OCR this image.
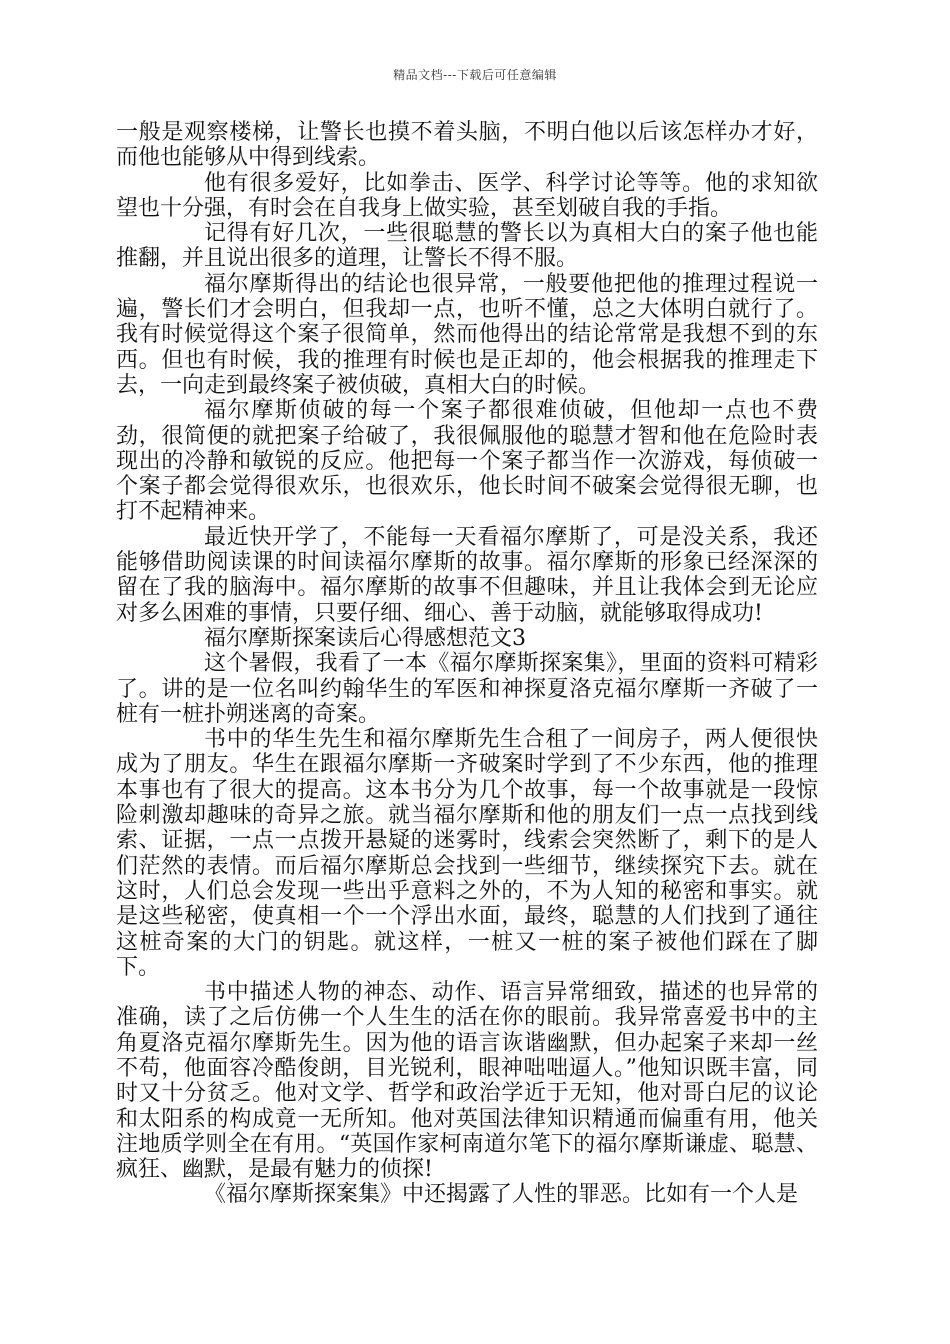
精品文档---下载后可任意编辑

一般是观察楼梯，让警长也摸不着头脑，不明白他以后该怎样办才好，而他也能够从中得到线索。

他有很多爱好，比如拳击、医学、科学讨论等等。他的求知欲望也十分强，有时会在自我身上做实验，甚至划破自我的手指。

记得有好几次，一些很聪慧的警长以为真相大白的案子他也能推翻，并且说出很多的道理，让警长不得不服。

福尔摩斯得出的结论也很异常，一般要他把他的推理过程说一遍，警长们才会明白，但我却一点，也听不懂，总之大体明白就行了。我有时候觉得这个案子很简单，然而他得出的结论常常是我想不到的东西。但也有时候，我的推理有时候也是正却的，他会根据我的推理走下去，一向走到最终案子被侦破，真相大白的时候。

福尔摩斯侦破的每一个案子都很难侦破，但他却一点也不费劲，很简便的就把案子给破了，我很佩服他的聪慧才智和他在危险时表现出的冷静和敏锐的反应。他把每一个案子都当作一次游戏，每侦破一个案子都会觉得很欢乐，也很欢乐，他长时间不破案会觉得很无聊，也打不起精神来。

最近快开学了，不能每一天看福尔摩斯了，可是没关系，我还能够借助阅读课的时间读福尔摩斯的故事。福尔摩斯的形象已经深深的留在了我的脑海中。福尔摩斯的故事不但趣味，并且让我体会到无论应对多么困难的事情，只要仔细、细心、善于动脑，就能够取得成功!

福尔摩斯探案读后心得感想范文3

这个暑假，我看了一本《福尔摩斯探案集》，里面的资料可精彩了。讲的是一位名叫约翰华生的军医和神探夏洛克福尔摩斯一齐破了一桩有一桩扑朔迷离的奇案。

书中的华生先生和福尔摩斯先生合租了一间房子，两人便很快成为了朋友。华生在跟福尔摩斯一齐破案时学到了不少东西，他的推理本事也有了很大的提高。这本书分为几个故事，每一个故事就是一段惊险刺激却趣味的奇异之旅。就当福尔摩斯和他的朋友们一点一点找到线索、证据，一点一点拨开悬疑的迷雾时，线索会突然断了，剩下的是人们茫然的表情。而后福尔摩斯总会找到一些细节，继续探究下去。就在这时，人们总会发现一些出乎意料之外的，不为人知的秘密和事实。就是这些秘密，使真相一个一个浮出水面，最终，聪慧的人们找到了通往这桩奇案的大门的钥匙。就这样，一桩又一桩的案子被他们踩在了脚下。

书中描述人物的神态、动作、语言异常细致，描述的也异常的准确，读了之后仿佛一个人生生的活在你的眼前。我异常喜爱书中的主角夏洛克福尔摩斯先生。因为他的语言诙谐幽默，但办起案子来却一丝不苟，他面容冷酷俊朗，目光锐利，眼神咄咄逼人。”他知识既丰富，同时又十分贫乏。他对文学、哲学和政治学近于无知，他对哥白尼的议论和太阳系的构成竟一无所知。他对英国法律知识精通而偏重有用，他关注地质学则全在有用。“英国作家柯南道尔笔下的福尔摩斯谦虚、聪慧、疯狂、幽默，是最有魅力的侦探!

《福尔摩斯探案集》中还揭露了人性的罪恶。比如有一个人是
